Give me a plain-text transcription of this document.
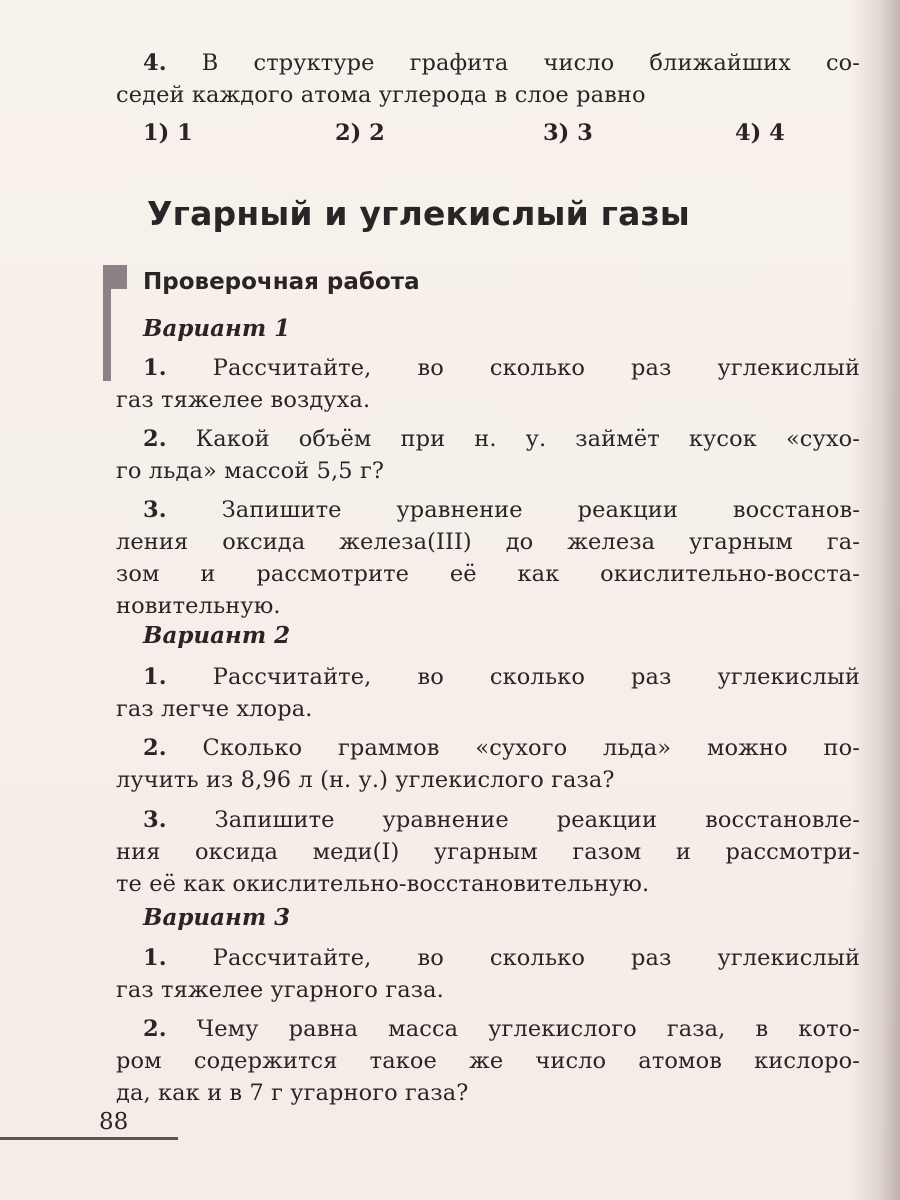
4. В структуре графита число ближайших со-
седей каждого атома углерода в слое равно
1) 1	2) 2	3) 3	4) 4
Угарный и углекислый газы
Проверочная работа
Вариант 1
1. Рассчитайте, во сколько раз углекислый
газ тяжелее воздуха.
2. Какой объём при н. у. займёт кусок «сухо-
го льда» массой 5,5 г?
3. Запишите уравнение реакции восстанов-
ления оксида железа(III) до железа угарным га-
зом и рассмотрите её как окислительно-восста-
новительную.
Вариант 2
1. Рассчитайте, во сколько раз углекислый
газ легче хлора.
2. Сколько граммов «сухого льда» можно по-
лучить из 8,96 л (н. у.) углекислого газа?
3. Запишите уравнение реакции восстановле-
ния оксида меди(I) угарным газом и рассмотри-
те её как окислительно-восстановительную.
Вариант 3
1. Рассчитайте, во сколько раз углекислый
газ тяжелее угарного газа.
2. Чему равна масса углекислого газа, в кото-
ром содержится такое же число атомов кислоро-
да, как и в 7 г угарного газа?
88
